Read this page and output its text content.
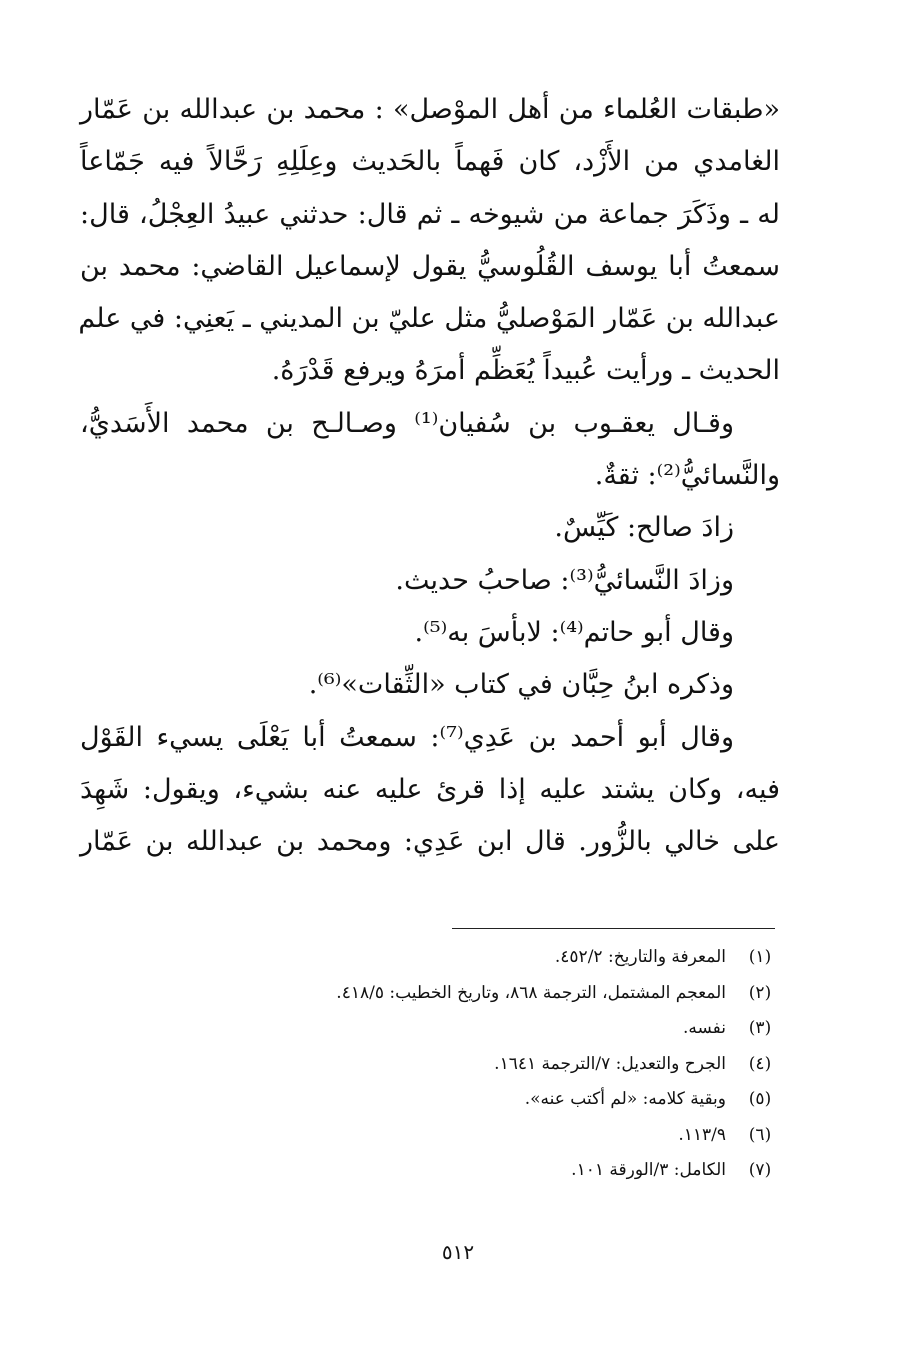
«طبقات العُلماء من أهل الموْصل» : محمد بن عبدالله بن عَمّار
الغامدي من الأَزْد، كان فَهماً بالحَديث وعِلَلِهِ رَحَّالاً فيه جَمّاعاً
له ـ وذَكَرَ جماعة من شيوخه ـ ثم قال: حدثني عبيدُ العِجْلُ، قال:
سمعتُ أبا يوسف القُلُوسيُّ يقول لإسماعيل القاضي: محمد بن
عبدالله بن عَمّار المَوْصليُّ مثل عليّ بن المديني ـ يَعنِي: في علم
الحديث ـ ورأيت عُبيداً يُعَظِّم أمرَهُ ويرفع قَدْرَهُ.
وقـال يعقـوب بن سُفيان⁽¹⁾ وصـالـح بن محمد الأَسَديُّ،
والنَّسائيُّ⁽²⁾: ثقةٌ.
زادَ صالح: كَيِّسٌ.
وزادَ النَّسائيُّ⁽³⁾: صاحبُ حديث.
وقال أبو حاتم⁽⁴⁾: لابأسَ به⁽⁵⁾.
وذكره ابنُ حِبَّان في كتاب «الثِّقات»⁽⁶⁾.
وقال أبو أحمد بن عَدِي⁽⁷⁾: سمعتُ أبا يَعْلَى يسيء القَوْل
فيه، وكان يشتد عليه إذا قرئ عليه عنه بشيء، ويقول: شَهِدَ
على خالي بالزُّور. قال ابن عَدِي: ومحمد بن عبدالله بن عَمّار
(١)المعرفة والتاريخ: ٤٥٢/٢.
(٢)المعجم المشتمل، الترجمة ٨٦٨، وتاريخ الخطيب: ٤١٨/٥.
(٣)نفسه.
(٤)الجرح والتعديل: ٧/الترجمة ١٦٤١.
(٥)وبقية كلامه: «لم أكتب عنه».
(٦)١١٣/٩.
(٧)الكامل: ٣/الورقة ١٠١.
٥١٢
